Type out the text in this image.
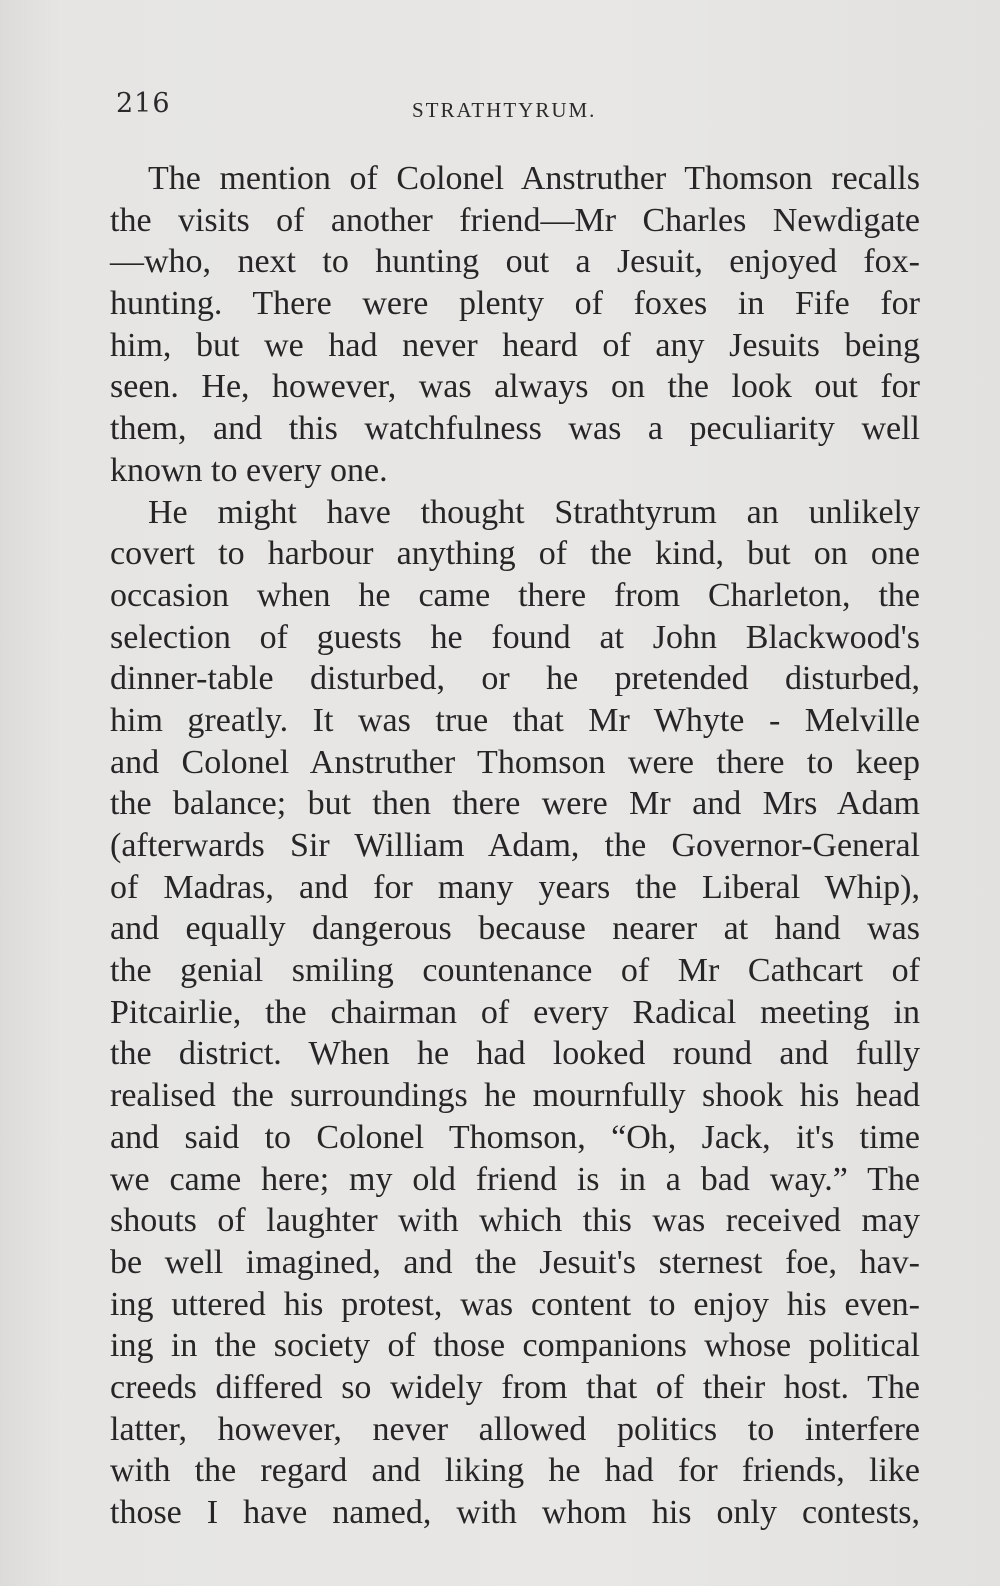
216	STRATHTYRUM.
The mention of Colonel Anstruther Thomson recalls
the visits of another friend—Mr Charles Newdigate
—who, next to hunting out a Jesuit, enjoyed fox-
hunting. There were plenty of foxes in Fife for
him, but we had never heard of any Jesuits being
seen. He, however, was always on the look out for
them, and this watchfulness was a peculiarity well
known to every one.
He might have thought Strathtyrum an unlikely
covert to harbour anything of the kind, but on one
occasion when he came there from Charleton, the
selection of guests he found at John Blackwood's
dinner-table disturbed, or he pretended disturbed,
him greatly. It was true that Mr Whyte - Melville
and Colonel Anstruther Thomson were there to keep
the balance; but then there were Mr and Mrs Adam
(afterwards Sir William Adam, the Governor-General
of Madras, and for many years the Liberal Whip),
and equally dangerous because nearer at hand was
the genial smiling countenance of Mr Cathcart of
Pitcairlie, the chairman of every Radical meeting in
the district. When he had looked round and fully
realised the surroundings he mournfully shook his head
and said to Colonel Thomson, “Oh, Jack, it's time
we came here; my old friend is in a bad way.” The
shouts of laughter with which this was received may
be well imagined, and the Jesuit's sternest foe, hav-
ing uttered his protest, was content to enjoy his even-
ing in the society of those companions whose political
creeds differed so widely from that of their host. The
latter, however, never allowed politics to interfere
with the regard and liking he had for friends, like
those I have named, with whom his only contests,
